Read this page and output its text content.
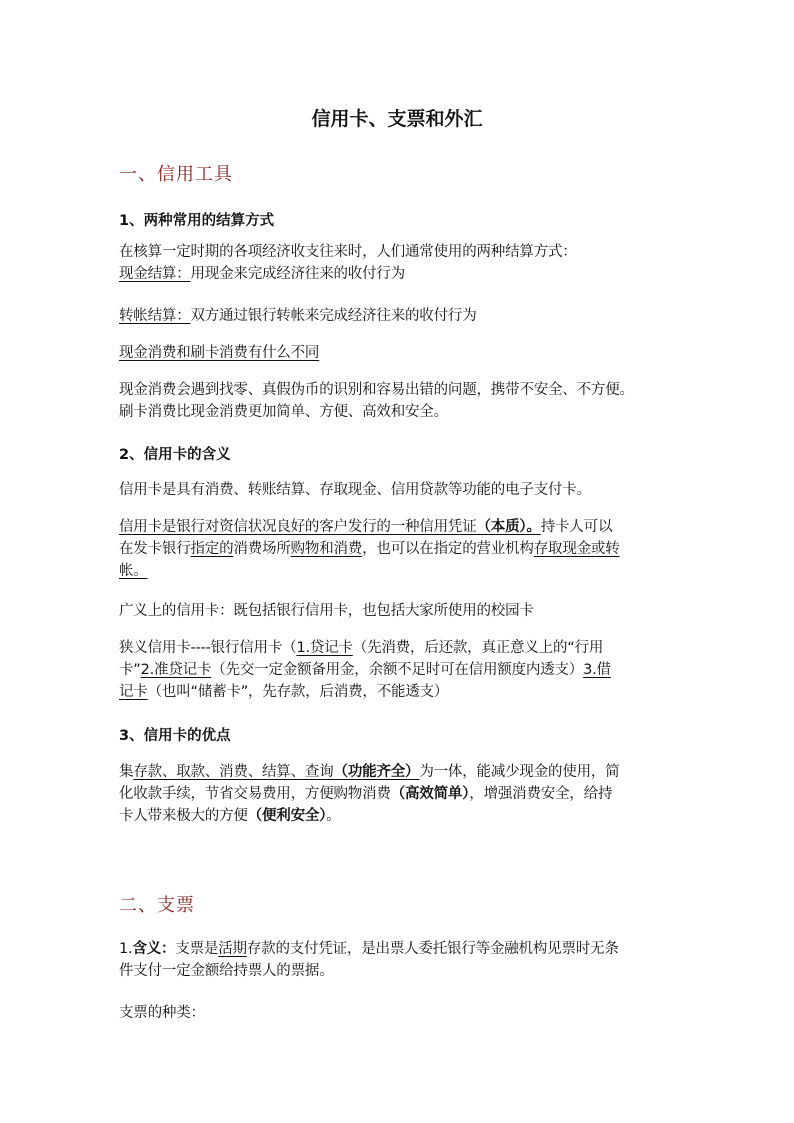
信用卡、支票和外汇
一、信用工具
1、两种常用的结算方式
在核算一定时期的各项经济收支往来时，人们通常使用的两种结算方式：
现金结算：用现金来完成经济往来的收付行为
转帐结算：双方通过银行转帐来完成经济往来的收付行为
现金消费和刷卡消费有什么不同
现金消费会遇到找零、真假伪币的识别和容易出错的问题，携带不安全、不方便。
刷卡消费比现金消费更加简单、方便、高效和安全。
2、信用卡的含义
信用卡是具有消费、转账结算、存取现金、信用贷款等功能的电子支付卡。
信用卡是银行对资信状况良好的客户发行的一种信用凭证（本质）。持卡人可以
在发卡银行指定的消费场所购物和消费，也可以在指定的营业机构存取现金或转
帐。
广义上的信用卡：既包括银行信用卡，也包括大家所使用的校园卡
狭义信用卡----银行信用卡（1.贷记卡（先消费，后还款，真正意义上的“行用
卡”2.准贷记卡（先交一定金额备用金，余额不足时可在信用额度内透支）3.借
记卡（也叫“储蓄卡”，先存款，后消费，不能透支）
3、信用卡的优点
集存款、取款、消费、结算、查询（功能齐全）为一体，能减少现金的使用，简
化收款手续，节省交易费用，方便购物消费（高效简单），增强消费安全，给持
卡人带来极大的方便（便利安全）。
二、支票
1.含义：支票是活期存款的支付凭证，是出票人委托银行等金融机构见票时无条
件支付一定金额给持票人的票据。
支票的种类：
